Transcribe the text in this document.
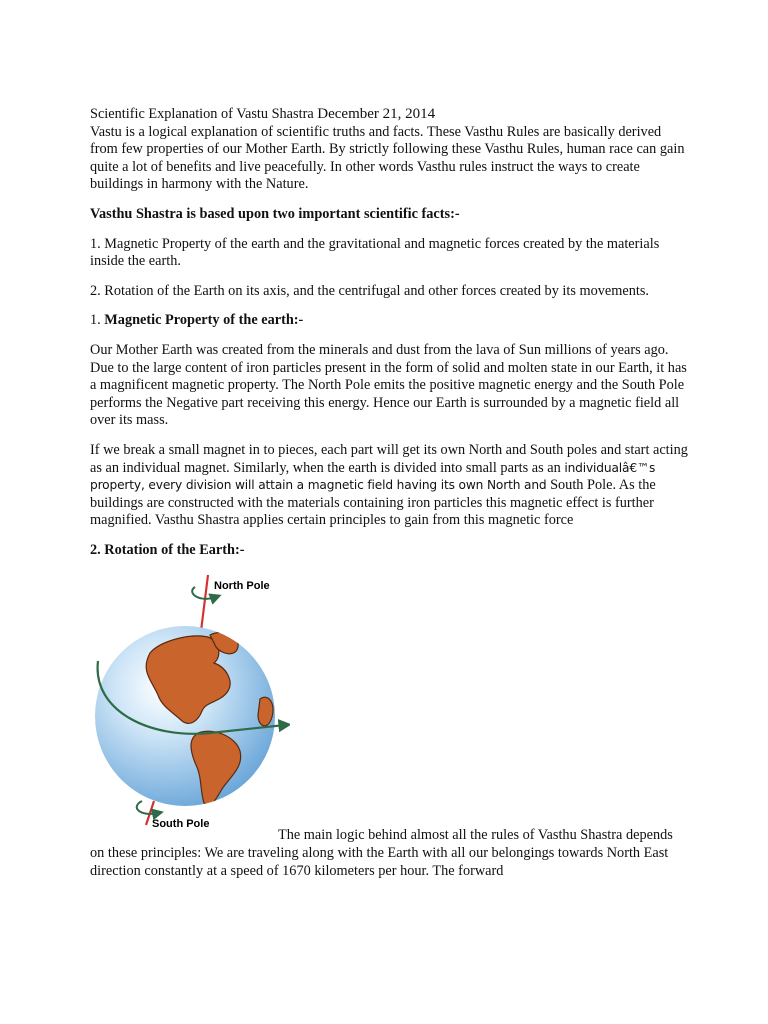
Scientific Explanation of Vastu Shastra December 21, 2014

Vastu is a logical explanation of scientific truths and facts. These Vasthu Rules are basically derived from few properties of our Mother Earth. By strictly following these Vasthu Rules, human race can gain quite a lot of benefits and live peacefully. In other words Vasthu rules instruct the ways to create buildings in harmony with the Nature.

Vasthu Shastra is based upon two important scientific facts:-

1. Magnetic Property of the earth and the gravitational and magnetic forces created by the materials inside the earth.

2. Rotation of the Earth on its axis, and the centrifugal and other forces created by its movements.

1. Magnetic Property of the earth:-

Our Mother Earth was created from the minerals and dust from the lava of Sun millions of years ago. Due to the large content of iron particles present in the form of solid and molten state in our Earth, it has a magnificent magnetic property. The North Pole emits the positive magnetic energy and the South Pole performs the Negative part receiving this energy. Hence our Earth is surrounded by a magnetic field all over its mass.

If we break a small magnet in to pieces, each part will get its own North and South poles and start acting as an individual magnet. Similarly, when the earth is divided into small parts as an individualâ€™s property, every division will attain a magnetic field having its own North and South Pole. As the buildings are constructed with the materials containing iron particles this magnetic effect is further magnified. Vasthu Shastra applies certain principles to gain from this magnetic force

2. Rotation of the Earth:-

North Pole
South Pole

The main logic behind almost all the rules of Vasthu Shastra depends on these principles: We are traveling along with the Earth with all our belongings towards North East direction constantly at a speed of 1670 kilometers per hour. The forward
